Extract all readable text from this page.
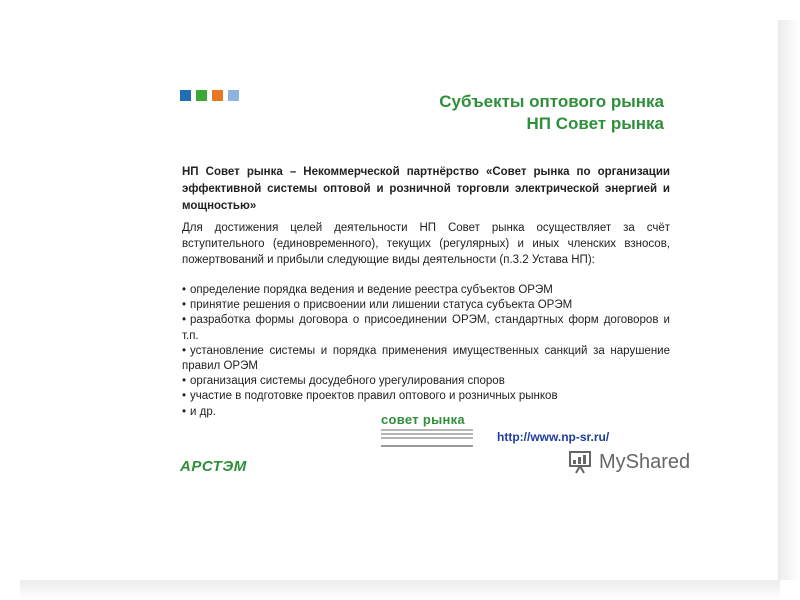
Субъекты оптового рынка
НП Совет рынка
НП Совет рынка – Некоммерческой партнёрство «Совет рынка по организации эффективной системы оптовой и розничной торговли электрической энергией и мощностью»
Для достижения целей деятельности НП Совет рынка осуществляет за счёт вступительного (единовременного), текущих (регулярных) и иных членских взносов, пожертвований и прибыли следующие виды деятельности (п.3.2 Устава НП):
• определение порядка ведения и ведение реестра субъектов ОРЭМ
• принятие решения о присвоении или лишении статуса субъекта ОРЭМ
• разработка формы договора о присоединении ОРЭМ, стандартных форм договоров и т.п.
• установление системы и порядка применения имущественных санкций за нарушение правил ОРЭМ
• организация системы досудебного урегулирования споров
• участие в подготовке проектов правил оптового и розничных рынков
• и др.
совет рынка
http://www.np-sr.ru/
АРСТЭМ	MyShared
